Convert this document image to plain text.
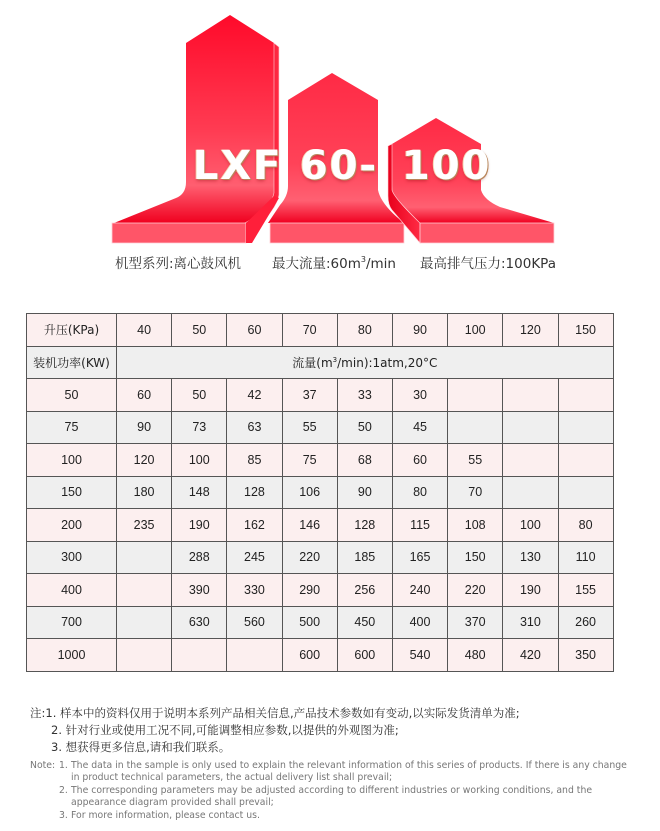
LXF 60- 100
机型系列:离心鼓风机 最大流量$:60m^3/\min$ 最高排气压力:100KPa
升压(KPa)	40	50	60	70	80	90	100	120	150
装机功率(KW)	流量$(m^3/\min):1atm,20^\circ C$								
50	60	50	42	37	33	30			
75	90	73	63	55	50	45			
100	120	100	85	75	68	60	55		
150	180	148	128	106	90	80	70		
200	235	190	162	146	128	115	108	100	80
300		288	245	220	185	165	150	130	110
400		390	330	290	256	240	220	190	155
700		630	560	500	450	400	370	310	260
1000				600	600	540	480	420	350
注:1. 样本中的资料仅用于说明本系列产品相关信息,产品技术参数如有变动,以实际发货清单为准;
2. 针对行业或使用工况不同,可能调整相应参数,以提供的外观图为准;
3. 想获得更多信息,请和我们联系。
Note: 1. The data in the sample is only used to explain the relevant information of this series of products. If there is any change in product technical parameters, the actual delivery list shall prevail;
2. The corresponding parameters may be adjusted according to different industries or working conditions, and the appearance diagram provided shall prevail;
3. For more information, please contact us.
